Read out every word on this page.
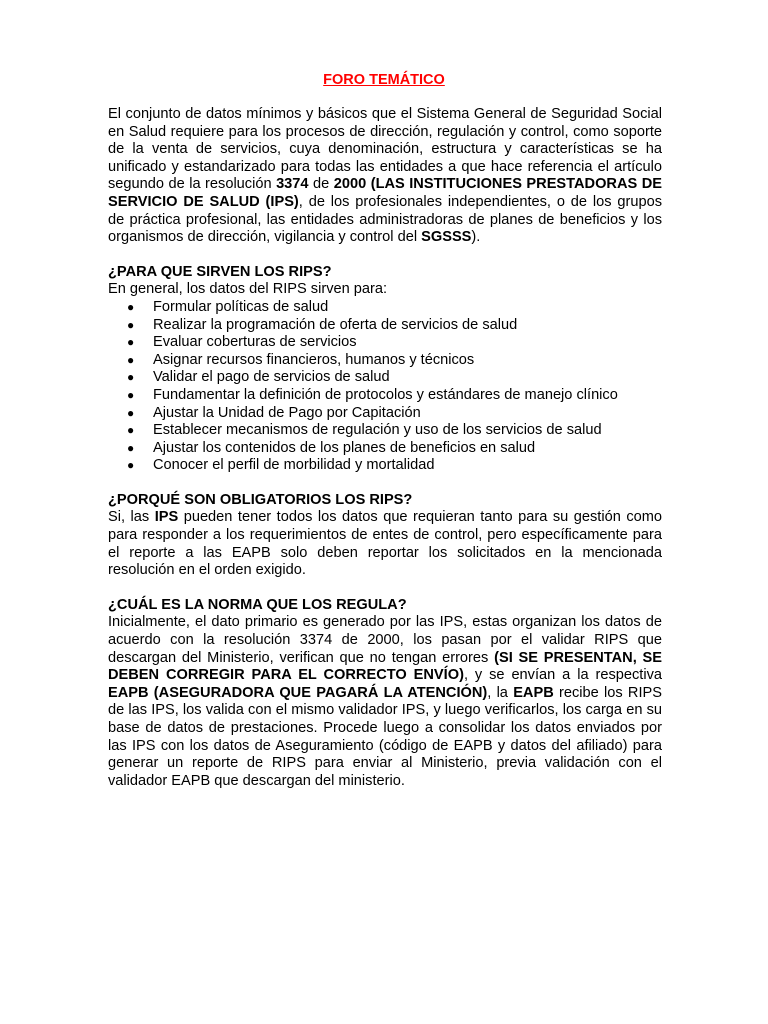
FORO TEMÁTICO

El conjunto de datos mínimos y básicos que el Sistema General de Seguridad Social en Salud requiere para los procesos de dirección, regulación y control, como soporte de la venta de servicios, cuya denominación, estructura y características se ha unificado y estandarizado para todas las entidades a que hace referencia el artículo segundo de la resolución 3374 de 2000 (LAS INSTITUCIONES PRESTADORAS DE SERVICIO DE SALUD (IPS), de los profesionales independientes, o de los grupos de práctica profesional, las entidades administradoras de planes de beneficios y los organismos de dirección, vigilancia y control del SGSSS).

¿PARA QUE SIRVEN LOS RIPS?

En general, los datos del RIPS sirven para:

● Formular políticas de salud
● Realizar la programación de oferta de servicios de salud
● Evaluar coberturas de servicios
● Asignar recursos financieros, humanos y técnicos
● Validar el pago de servicios de salud
● Fundamentar la definición de protocolos y estándares de manejo clínico
● Ajustar la Unidad de Pago por Capitación
● Establecer mecanismos de regulación y uso de los servicios de salud
● Ajustar los contenidos de los planes de beneficios en salud
● Conocer el perfil de morbilidad y mortalidad

¿PORQUÉ SON OBLIGATORIOS LOS RIPS?

Si, las IPS pueden tener todos los datos que requieran tanto para su gestión como para responder a los requerimientos de entes de control, pero específicamente para el reporte a las EAPB solo deben reportar los solicitados en la mencionada resolución en el orden exigido.

¿CUÁL ES LA NORMA QUE LOS REGULA?

Inicialmente, el dato primario es generado por las IPS, estas organizan los datos de acuerdo con la resolución 3374 de 2000, los pasan por el validar RIPS que descargan del Ministerio, verifican que no tengan errores (SI SE PRESENTAN, SE DEBEN CORREGIR PARA EL CORRECTO ENVÍO), y se envían a la respectiva EAPB (ASEGURADORA QUE PAGARÁ LA ATENCIÓN), la EAPB recibe los RIPS de las IPS, los valida con el mismo validador IPS, y luego verificarlos, los carga en su base de datos de prestaciones. Procede luego a consolidar los datos enviados por las IPS con los datos de Aseguramiento (código de EAPB y datos del afiliado) para generar un reporte de RIPS para enviar al Ministerio, previa validación con el validador EAPB que descargan del ministerio.
